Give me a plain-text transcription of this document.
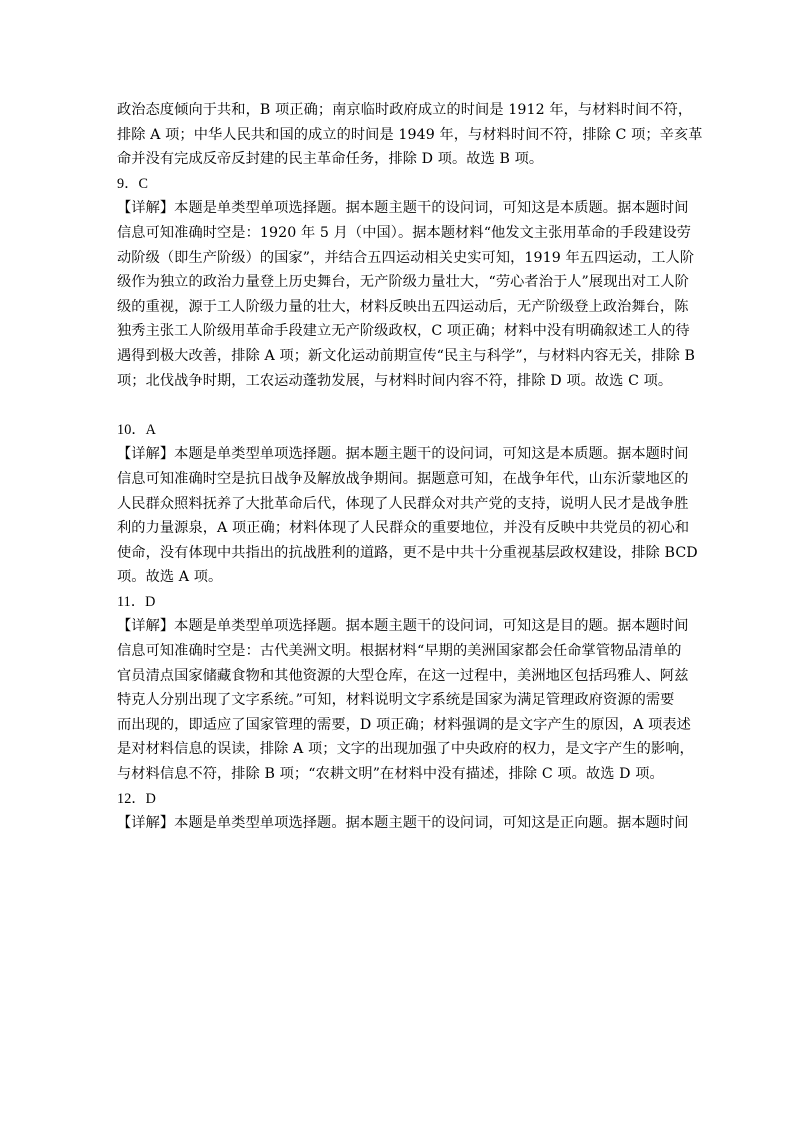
政治态度倾向于共和，B 项正确；南京临时政府成立的时间是 1912 年，与材料时间不符，
排除 A 项；中华人民共和国的成立的时间是 1949 年，与材料时间不符，排除 C 项；辛亥革
命并没有完成反帝反封建的民主革命任务，排除 D 项。故选 B 项。
9．C
【详解】本题是单类型单项选择题。据本题主题干的设问词，可知这是本质题。据本题时间
信息可知准确时空是：1920 年 5 月（中国）。据本题材料“他发文主张用革命的手段建设劳
动阶级（即生产阶级）的国家”，并结合五四运动相关史实可知，1919 年五四运动，工人阶
级作为独立的政治力量登上历史舞台，无产阶级力量壮大，“劳心者治于人”展现出对工人阶
级的重视，源于工人阶级力量的壮大，材料反映出五四运动后，无产阶级登上政治舞台，陈
独秀主张工人阶级用革命手段建立无产阶级政权，C 项正确；材料中没有明确叙述工人的待
遇得到极大改善，排除 A 项；新文化运动前期宣传“民主与科学”，与材料内容无关，排除 B
项；北伐战争时期，工农运动蓬勃发展，与材料时间内容不符，排除 D 项。故选 C 项。
10．A
【详解】本题是单类型单项选择题。据本题主题干的设问词，可知这是本质题。据本题时间
信息可知准确时空是抗日战争及解放战争期间。据题意可知，在战争年代，山东沂蒙地区的
人民群众照料抚养了大批革命后代，体现了人民群众对共产党的支持，说明人民才是战争胜
利的力量源泉，A 项正确；材料体现了人民群众的重要地位，并没有反映中共党员的初心和
使命，没有体现中共指出的抗战胜利的道路，更不是中共十分重视基层政权建设，排除 BCD
项。故选 A 项。
11．D
【详解】本题是单类型单项选择题。据本题主题干的设问词，可知这是目的题。据本题时间
信息可知准确时空是：古代美洲文明。根据材料“早期的美洲国家都会任命掌管物品清单的
官员清点国家储藏食物和其他资源的大型仓库，在这一过程中，美洲地区包括玛雅人、阿兹
特克人分别出现了文字系统。”可知，材料说明文字系统是国家为满足管理政府资源的需要
而出现的，即适应了国家管理的需要，D 项正确；材料强调的是文字产生的原因，A 项表述
是对材料信息的误读，排除 A 项；文字的出现加强了中央政府的权力，是文字产生的影响，
与材料信息不符，排除 B 项；“农耕文明”在材料中没有描述，排除 C 项。故选 D 项。
12．D
【详解】本题是单类型单项选择题。据本题主题干的设问词，可知这是正向题。据本题时间
